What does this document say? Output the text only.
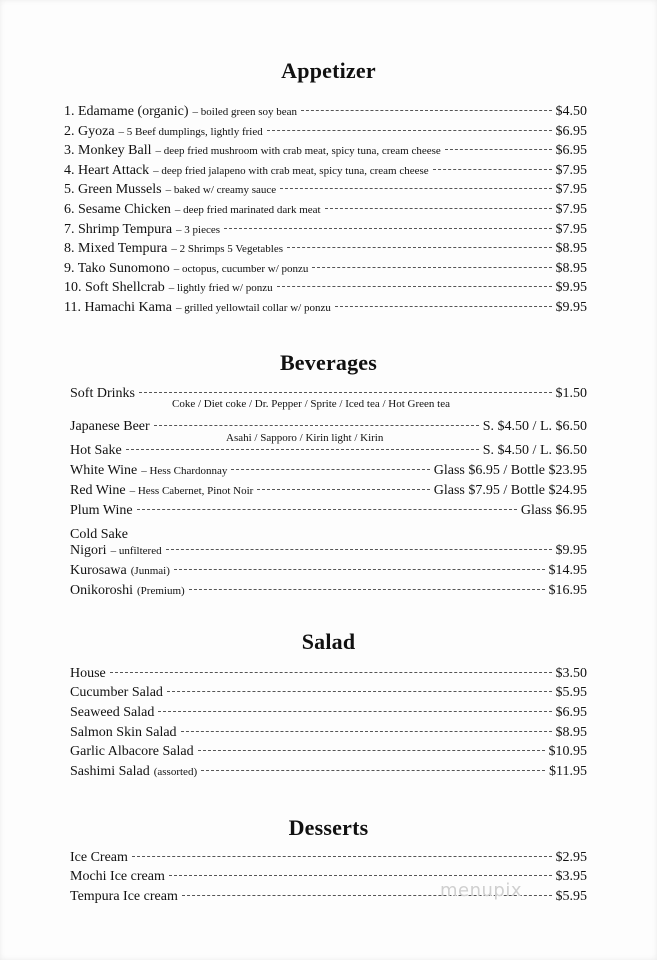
Appetizer
1. Edamame (organic) – boiled green soy bean	$4.50
2. Gyoza – 5 Beef dumplings, lightly fried	$6.95
3. Monkey Ball – deep fried mushroom with crab meat, spicy tuna, cream cheese	$6.95
4. Heart Attack – deep fried jalapeno with crab meat, spicy tuna, cream cheese	$7.95
5. Green Mussels – baked w/ creamy sauce	$7.95
6. Sesame Chicken – deep fried marinated dark meat	$7.95
7. Shrimp Tempura – 3 pieces	$7.95
8. Mixed Tempura – 2 Shrimps 5 Vegetables	$8.95
9. Tako Sunomono – octopus, cucumber w/ ponzu	$8.95
10. Soft Shellcrab – lightly fried w/ ponzu	$9.95
11. Hamachi Kama – grilled yellowtail collar w/ ponzu	$9.95
Beverages
Soft Drinks	$1.50
Coke / Diet coke / Dr. Pepper / Sprite / Iced tea / Hot Green tea
Japanese Beer	S. $4.50 / L. $6.50
Asahi / Sapporo / Kirin light / Kirin
Hot Sake	S. $4.50 / L. $6.50
White Wine – Hess Chardonnay	Glass $6.95 / Bottle $23.95
Red Wine – Hess Cabernet, Pinot Noir	Glass $7.95 / Bottle $24.95
Plum Wine	Glass $6.95
Cold Sake
Nigori – unfiltered	$9.95
Kurosawa (Junmai)	$14.95
Onikoroshi (Premium)	$16.95
Salad
House	$3.50
Cucumber Salad	$5.95
Seaweed Salad	$6.95
Salmon Skin Salad	$8.95
Garlic Albacore Salad	$10.95
Sashimi Salad (assorted)	$11.95
Desserts
Ice Cream	$2.95
Mochi Ice cream	$3.95
Tempura Ice cream	$5.95
menupix
